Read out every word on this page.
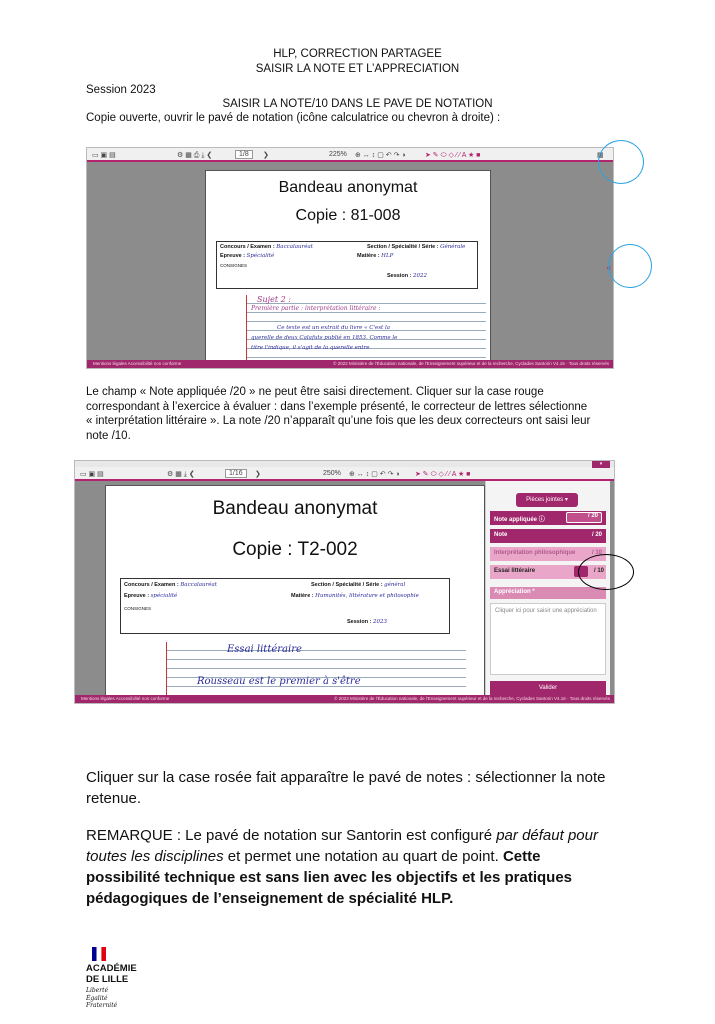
HLP, CORRECTION PARTAGEE
SAISIR LA NOTE ET L’APPRECIATION
Session 2023
SAISIR LA NOTE/10 DANS LE PAVE DE NOTATION
Copie ouverte, ouvrir le pavé de notation (icône calculatrice ou chevron à droite) :
▭ ▣ ▤	⚙ ▦ ⎙ ⤓ ❮	1/8	❯	225% ⊕ ↔ ↕ ▢ ↶ ↷ ◑	➤ ✎ ⬭ ◇ ⁄ ⁄ A ★ ■	▦
Bandeau anonymat
Copie : 81-008
Concours / Examen : Baccalauréat	Section / Spécialité / Série : Générale
Epreuve : Spécialité	Matière : HLP
CONSIGNES
Session : 2022
Sujet 2 :
Première partie : interprétation littéraire :
Ce texte est un extrait du livre « C'est la
querelle de deux Calafuts publié en 1853. Comme le
titre l'indique, il s'agit de la querelle entre
«
Mentions légales Accessibilité non conforme	© 2022 Ministère de l'Éducation nationale, de l'Enseignement supérieur et de la recherche, Cyclades Santorin V4.16 · Tous droits réservés
Le champ « Note appliquée /20 » ne peut être saisi directement. Cliquer sur la case rouge
correspondant à l’exercice à évaluer : dans l’exemple présenté, le correcteur de lettres sélectionne
« interprétation littéraire ». La note /20 n’apparaît qu’une fois que les deux correcteurs ont saisi leur
note /10.
▭ ▣ ▤	⚙ ▦ ⤓ ❮	1/16	❯	250% ⊕ ↔ ↕ ▢ ↶ ↷ ◑ ➤ ✎ ⬭ ◇ ⁄ ⁄ A ★ ■
▾
Bandeau anonymat
Copie : T2-002
Concours / Examen : Baccalauréat	Section / Spécialité / Série : général
Epreuve : spécialité	Matière : Humanités, littérature et philosophie
CONSIGNES
Session : 2023
Essai littéraire
Rousseau est le premier à s'être
Pièces jointes ▾
Note appliquée ⓘ
/ 20
Note	/ 20
Interprétation philosophique	/ 10
Essai littéraire	/ 10
Appréciation *
Cliquer ici pour saisir une appréciation
Valider
Mentions légales Accessibilité non conforme	© 2023 Ministère de l'Éducation nationale, de l'Enseignement supérieur et de la recherche, Cyclades Santorin V4.16 · Tous droits réservés
Cliquer sur la case rosée fait apparaître le pavé de notes : sélectionner la note
retenue.
REMARQUE : Le pavé de notation sur Santorin est configuré par défaut pour
toutes les disciplines et permet une notation au quart de point. Cette
possibilité technique est sans lien avec les objectifs et les pratiques
pédagogiques de l’enseignement de spécialité HLP.
ACADÉMIE
DE LILLE
Liberté
Égalité
Fraternité
